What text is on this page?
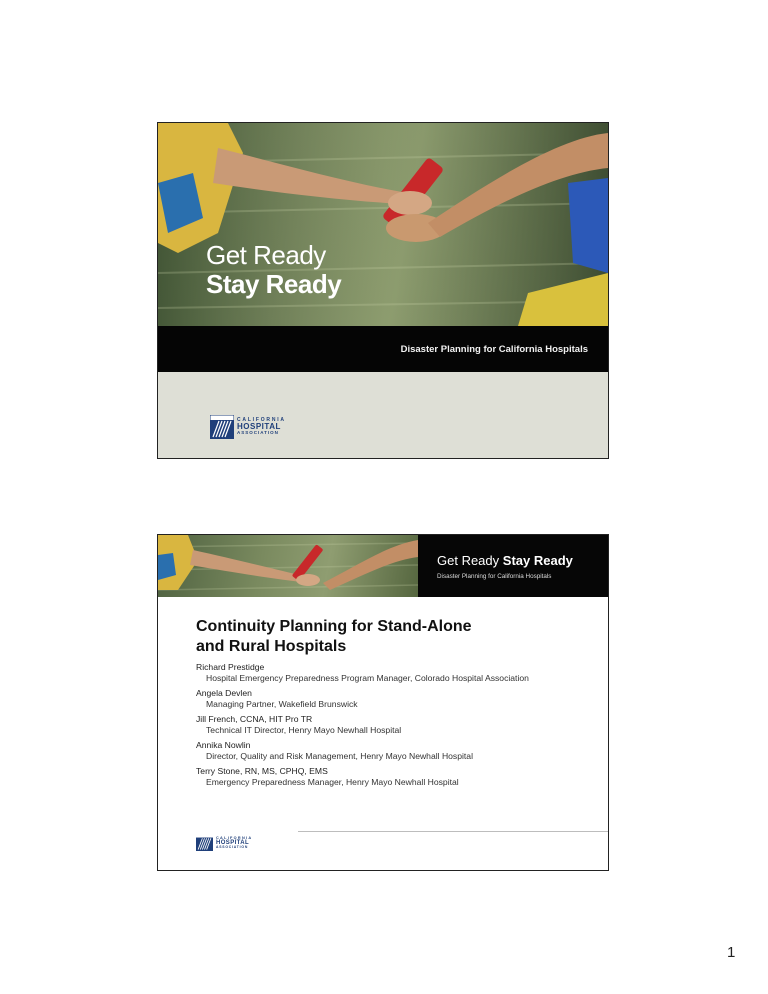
Get Ready
Stay Ready
Disaster Planning for California Hospitals
CALIFORNIA
HOSPITAL
ASSOCIATION
Get Ready Stay Ready
Disaster Planning for California Hospitals
Continuity Planning for Stand-Alone
and Rural Hospitals
Richard Prestidge
Hospital Emergency Preparedness Program Manager, Colorado Hospital Association
Angela Devlen
Managing Partner, Wakefield Brunswick
Jill French, CCNA, HIT Pro TR
Technical IT Director, Henry Mayo Newhall Hospital
Annika Nowlin
Director, Quality and Risk Management, Henry Mayo Newhall Hospital
Terry Stone, RN, MS, CPHQ, EMS
Emergency Preparedness Manager, Henry Mayo Newhall Hospital
CALIFORNIA
HOSPITAL
ASSOCIATION
1
